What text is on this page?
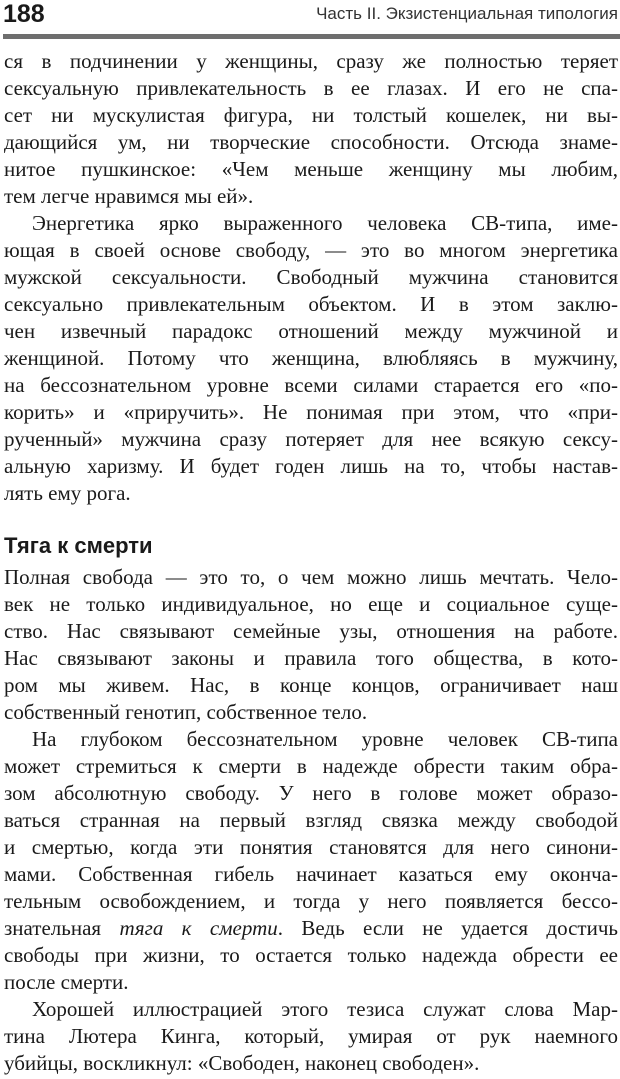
188	Часть II. Экзистенциальная типология
ся в подчинении у женщины, сразу же полностью теряет
сексуальную привлекательность в ее глазах. И его не спа-
сет ни мускулистая фигура, ни толстый кошелек, ни вы-
дающийся ум, ни творческие способности. Отсюда знаме-
нитое пушкинское: «Чем меньше женщину мы любим,
тем легче нравимся мы ей».
Энергетика ярко выраженного человека СВ-типа, име-
ющая в своей основе свободу, — это во многом энергетика
мужской сексуальности. Свободный мужчина становится
сексуально привлекательным объектом. И в этом заклю-
чен извечный парадокс отношений между мужчиной и
женщиной. Потому что женщина, влюбляясь в мужчину,
на бессознательном уровне всеми силами старается его «по-
корить» и «приручить». Не понимая при этом, что «при-
рученный» мужчина сразу потеряет для нее всякую сексу-
альную харизму. И будет годен лишь на то, чтобы настав-
лять ему рога.
Тяга к смерти
Полная свобода — это то, о чем можно лишь мечтать. Чело-
век не только индивидуальное, но еще и социальное суще-
ство. Нас связывают семейные узы, отношения на работе.
Нас связывают законы и правила того общества, в кото-
ром мы живем. Нас, в конце концов, ограничивает наш
собственный генотип, собственное тело.
На глубоком бессознательном уровне человек СВ-типа
может стремиться к смерти в надежде обрести таким обра-
зом абсолютную свободу. У него в голове может образо-
ваться странная на первый взгляд связка между свободой
и смертью, когда эти понятия становятся для него синони-
мами. Собственная гибель начинает казаться ему оконча-
тельным освобождением, и тогда у него появляется бессо-
знательная тяга к смерти. Ведь если не удается достичь
свободы при жизни, то остается только надежда обрести ее
после смерти.
Хорошей иллюстрацией этого тезиса служат слова Мар-
тина Лютера Кинга, который, умирая от рук наемного
убийцы, воскликнул: «Свободен, наконец свободен».
